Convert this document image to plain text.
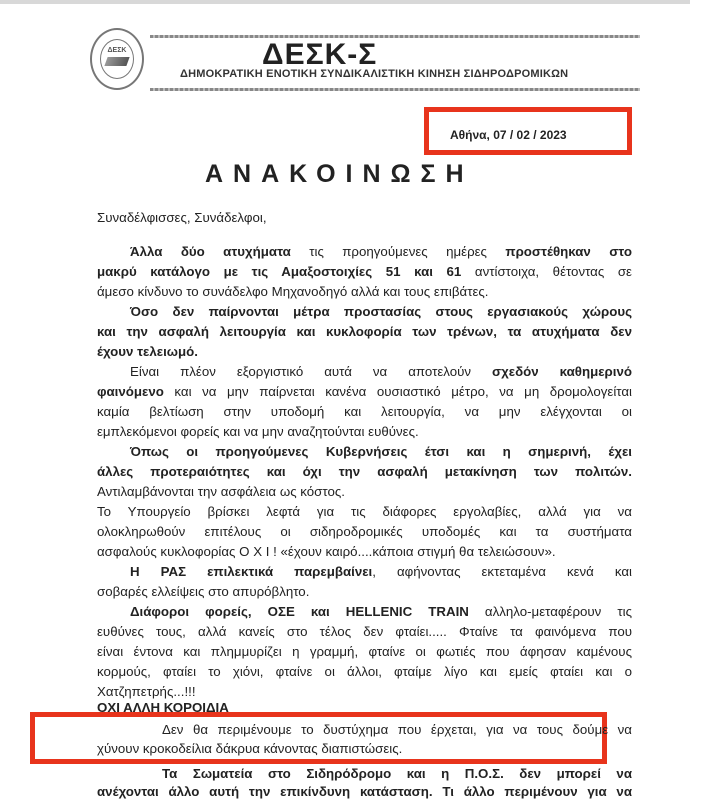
ΔΕΣΚ	ΔΕΣΚ-Σ
ΔΗΜΟΚΡΑΤΙΚΗ ΕΝΟΤΙΚΗ ΣΥΝΔΙΚΑΛΙΣΤΙΚΗ ΚΙΝΗΣΗ ΣΙΔΗΡΟΔΡΟΜΙΚΩΝ
Αθήνα, 07 / 02 / 2023
ΑΝΑΚΟΙΝΩΣΗ
Συναδέλφισσες, Συνάδελφοι,
Άλλα δύο ατυχήματα τις προηγούμενες ημέρες προστέθηκαν στο
μακρύ κατάλογο με τις Αμαξοστοιχίες 51 και 61 αντίστοιχα, θέτοντας σε
άμεσο κίνδυνο το συνάδελφο Μηχανοδηγό αλλά και τους επιβάτες.
Όσο δεν παίρνονται μέτρα προστασίας στους εργασιακούς χώρους
και την ασφαλή λειτουργία και κυκλοφορία των τρένων, τα ατυχήματα δεν
έχουν τελειωμό.
Είναι πλέον εξοργιστικό αυτά να αποτελούν σχεδόν καθημερινό
φαινόμενο και να μην παίρνεται κανένα ουσιαστικό μέτρο, να μη δρομολογείται
καμία βελτίωση στην υποδομή και λειτουργία, να μην ελέγχονται οι
εμπλεκόμενοι φορείς και να μην αναζητούνται ευθύνες.
Όπως οι προηγούμενες Κυβερνήσεις έτσι και η σημερινή, έχει
άλλες προτεραιότητες και όχι την ασφαλή μετακίνηση των πολιτών.
Αντιλαμβάνονται την ασφάλεια ως κόστος.
Το Υπουργείο βρίσκει λεφτά για τις διάφορες εργολαβίες, αλλά για να
ολοκληρωθούν επιτέλους οι σιδηροδρομικές υποδομές και τα συστήματα
ασφαλούς κυκλοφορίας Ο Χ Ι ! «έχουν καιρό....κάποια στιγμή θα τελειώσουν».
Η ΡΑΣ επιλεκτικά παρεμβαίνει, αφήνοντας εκτεταμένα κενά και
σοβαρές ελλείψεις στο απυρόβλητο.
Διάφοροι φορείς, ΟΣΕ και HELLENIC TRAIN αλληλο-μεταφέρουν τις
ευθύνες τους, αλλά κανείς στο τέλος δεν φταίει..... Φταίνε τα φαινόμενα που
είναι έντονα και πλημμυρίζει η γραμμή, φταίνε οι φωτιές που άφησαν καμένους
κορμούς, φταίει το χιόνι, φταίνε οι άλλοι, φταίμε λίγο και εμείς φταίει και ο
Χατζηπετρής...!!!
ΟΧΙ ΑΛΛΗ ΚΟΡΟΙΔΙΑ
Δεν θα περιμένουμε το δυστύχημα που έρχεται, για να τους δούμε να
χύνουν κροκοδείλια δάκρυα κάνοντας διαπιστώσεις.
Τα Σωματεία στο Σιδηρόδρομο και η Π.Ο.Σ. δεν μπορεί να
ανέχονται άλλο αυτή την επικίνδυνη κατάσταση. Τι άλλο περιμένουν για να
